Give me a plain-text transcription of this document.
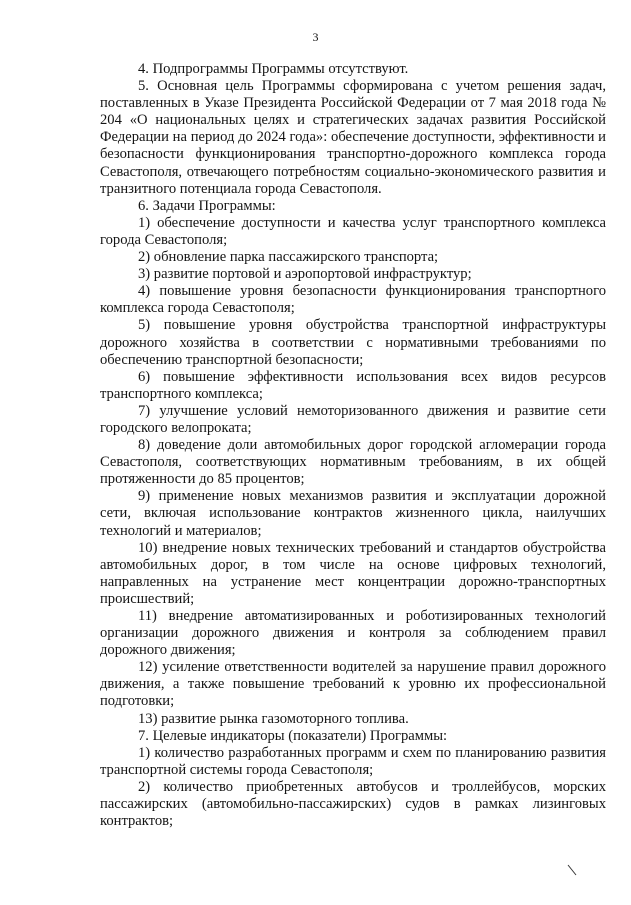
3

4. Подпрограммы Программы отсутствуют.

5. Основная цель Программы сформирована с учетом решения задач, поставленных в Указе Президента Российской Федерации от 7 мая 2018 года № 204 «О национальных целях и стратегических задачах развития Российской Федерации на период до 2024 года»: обеспечение доступности, эффективности и безопасности функционирования транспортно-дорожного комплекса города Севастополя, отвечающего потребностям социально-экономического развития и транзитного потенциала города Севастополя.

6. Задачи Программы:

1) обеспечение доступности и качества услуг транспортного комплекса города Севастополя;

2) обновление парка пассажирского транспорта;

3) развитие портовой и аэропортовой инфраструктур;

4) повышение уровня безопасности функционирования транспортного комплекса города Севастополя;

5) повышение уровня обустройства транспортной инфраструктуры дорожного хозяйства в соответствии с нормативными требованиями по обеспечению транспортной безопасности;

6) повышение эффективности использования всех видов ресурсов транспортного комплекса;

7) улучшение условий немоторизованного движения и развитие сети городского велопроката;

8) доведение доли автомобильных дорог городской агломерации города Севастополя, соответствующих нормативным требованиям, в их общей протяженности до 85 процентов;

9) применение новых механизмов развития и эксплуатации дорожной сети, включая использование контрактов жизненного цикла, наилучших технологий и материалов;

10) внедрение новых технических требований и стандартов обустройства автомобильных дорог, в том числе на основе цифровых технологий, направленных на устранение мест концентрации дорожно-транспортных происшествий;

11) внедрение автоматизированных и роботизированных технологий организации дорожного движения и контроля за соблюдением правил дорожного движения;

12) усиление ответственности водителей за нарушение правил дорожного движения, а также повышение требований к уровню их профессиональной подготовки;

13) развитие рынка газомоторного топлива.

7. Целевые индикаторы (показатели) Программы:

1) количество разработанных программ и схем по планированию развития транспортной системы города Севастополя;

2) количество приобретенных автобусов и троллейбусов, морских пассажирских (автомобильно-пассажирских) судов в рамках лизинговых контрактов;
